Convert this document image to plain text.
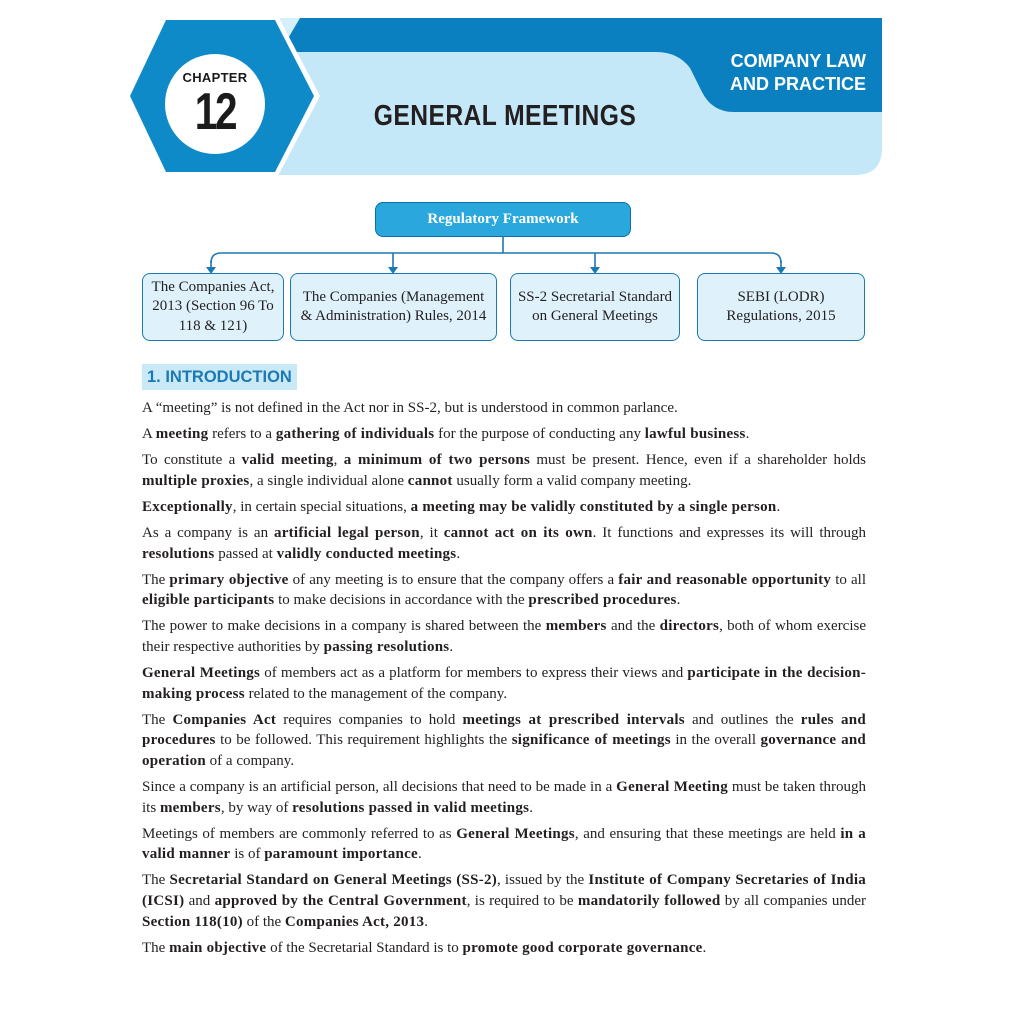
CHAPTER
12
COMPANY LAW
AND PRACTICE
GENERAL MEETINGS
Regulatory Framework
The Companies Act, 2013 (Section 96 To 118 & 121)
The Companies (Management & Administration) Rules, 2014
SS-2 Secretarial Standard on General Meetings
SEBI (LODR) Regulations, 2015
1. INTRODUCTION

A “meeting” is not defined in the Act nor in SS-2, but is understood in common parlance.

A meeting refers to a gathering of individuals for the purpose of conducting any lawful business.

To constitute a valid meeting, a minimum of two persons must be present. Hence, even if a shareholder holds multiple proxies, a single individual alone cannot usually form a valid company meeting.

Exceptionally, in certain special situations, a meeting may be validly constituted by a single person.

As a company is an artificial legal person, it cannot act on its own. It functions and expresses its will through resolutions passed at validly conducted meetings.

The primary objective of any meeting is to ensure that the company offers a fair and reasonable opportunity to all eligible participants to make decisions in accordance with the prescribed procedures.

The power to make decisions in a company is shared between the members and the directors, both of whom exercise their respective authorities by passing resolutions.

General Meetings of members act as a platform for members to express their views and participate in the decision-making process related to the management of the company.

The Companies Act requires companies to hold meetings at prescribed intervals and outlines the rules and procedures to be followed. This requirement highlights the significance of meetings in the overall governance and operation of a company.

Since a company is an artificial person, all decisions that need to be made in a General Meeting must be taken through its members, by way of resolutions passed in valid meetings.

Meetings of members are commonly referred to as General Meetings, and ensuring that these meetings are held in a valid manner is of paramount importance.

The Secretarial Standard on General Meetings (SS-2), issued by the Institute of Company Secretaries of India (ICSI) and approved by the Central Government, is required to be mandatorily followed by all companies under Section 118(10) of the Companies Act, 2013.

The main objective of the Secretarial Standard is to promote good corporate governance.
